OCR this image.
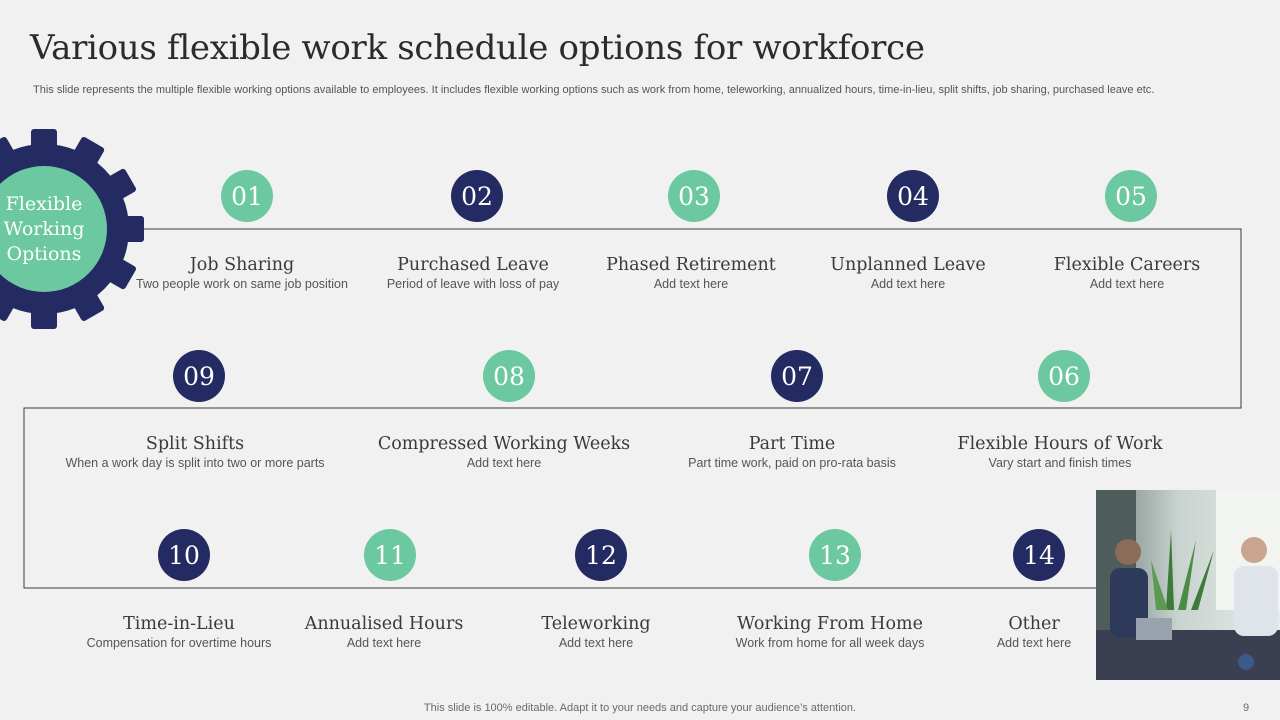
Various flexible work schedule options for workforce
This slide represents the multiple flexible working options available to employees. It includes flexible working options such as work from home, teleworking, annualized hours, time-in-lieu, split shifts, job sharing, purchased leave etc.
Flexible
Working
Options
01	02	03	04	05
Job Sharing
Two people work on same job position
Purchased Leave
Period of leave with loss of pay
Phased Retirement
Add text here
Unplanned Leave
Add text here
Flexible Careers
Add text here
09	08	07	06
Split Shifts
When a work day is split into two or more parts
Compressed Working Weeks
Add text here
Part Time
Part time work, paid on pro-rata basis
Flexible Hours of Work
Vary start and finish times
10	11	12	13	14
Time-in-Lieu
Compensation for overtime hours
Annualised Hours
Add text here
Teleworking
Add text here
Working From Home
Work from home for all week days
Other
Add text here
This slide is 100% editable. Adapt it to your needs and capture your audience’s attention.	9
